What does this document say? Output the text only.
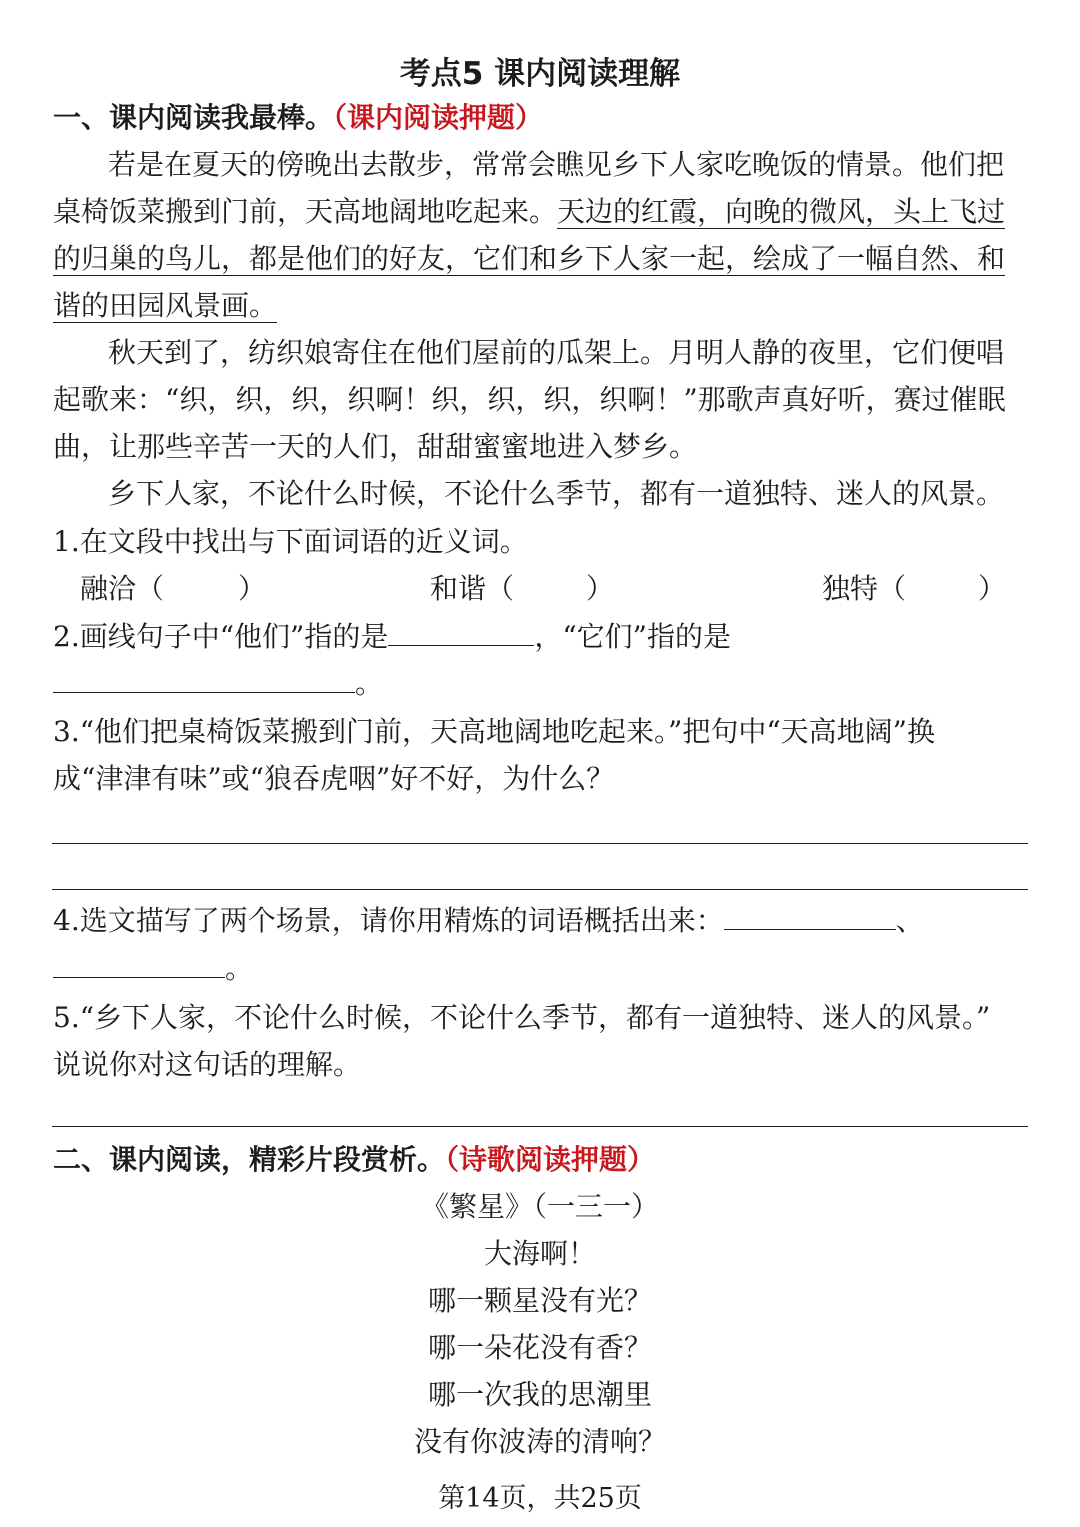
考点5 课内阅读理解
一、课内阅读我最棒。（课内阅读押题）
若是在夏天的傍晚出去散步，常常会瞧见乡下人家吃晚饭的情景。他们把
桌椅饭菜搬到门前，天高地阔地吃起来。天边的红霞，向晚的微风，头上飞过
的归巢的鸟儿，都是他们的好友，它们和乡下人家一起，绘成了一幅自然、和
谐的田园风景画。
秋天到了，纺织娘寄住在他们屋前的瓜架上。月明人静的夜里，它们便唱
起歌来：“织，织，织，织啊！织，织，织，织啊！”那歌声真好听，赛过催眠
曲，让那些辛苦一天的人们，甜甜蜜蜜地进入梦乡。
乡下人家，不论什么时候，不论什么季节，都有一道独特、迷人的风景。
1.在文段中找出与下面词语的近义词。
融洽（	）	和谐（	）	独特（	）
2.画线句子中“他们”指的是	，“它们”指的是
。
3.“他们把桌椅饭菜搬到门前，天高地阔地吃起来。”把句中“天高地阔”换
成“津津有味”或“狼吞虎咽”好不好，为什么？
4.选文描写了两个场景，请你用精炼的词语概括出来：	、
。
5.“乡下人家，不论什么时候，不论什么季节，都有一道独特、迷人的风景。”
说说你对这句话的理解。
二、课内阅读，精彩片段赏析。（诗歌阅读押题）
《繁星》（一三一）
大海啊！
哪一颗星没有光？
哪一朵花没有香？
哪一次我的思潮里
没有你波涛的清响？
第14页，共25页
